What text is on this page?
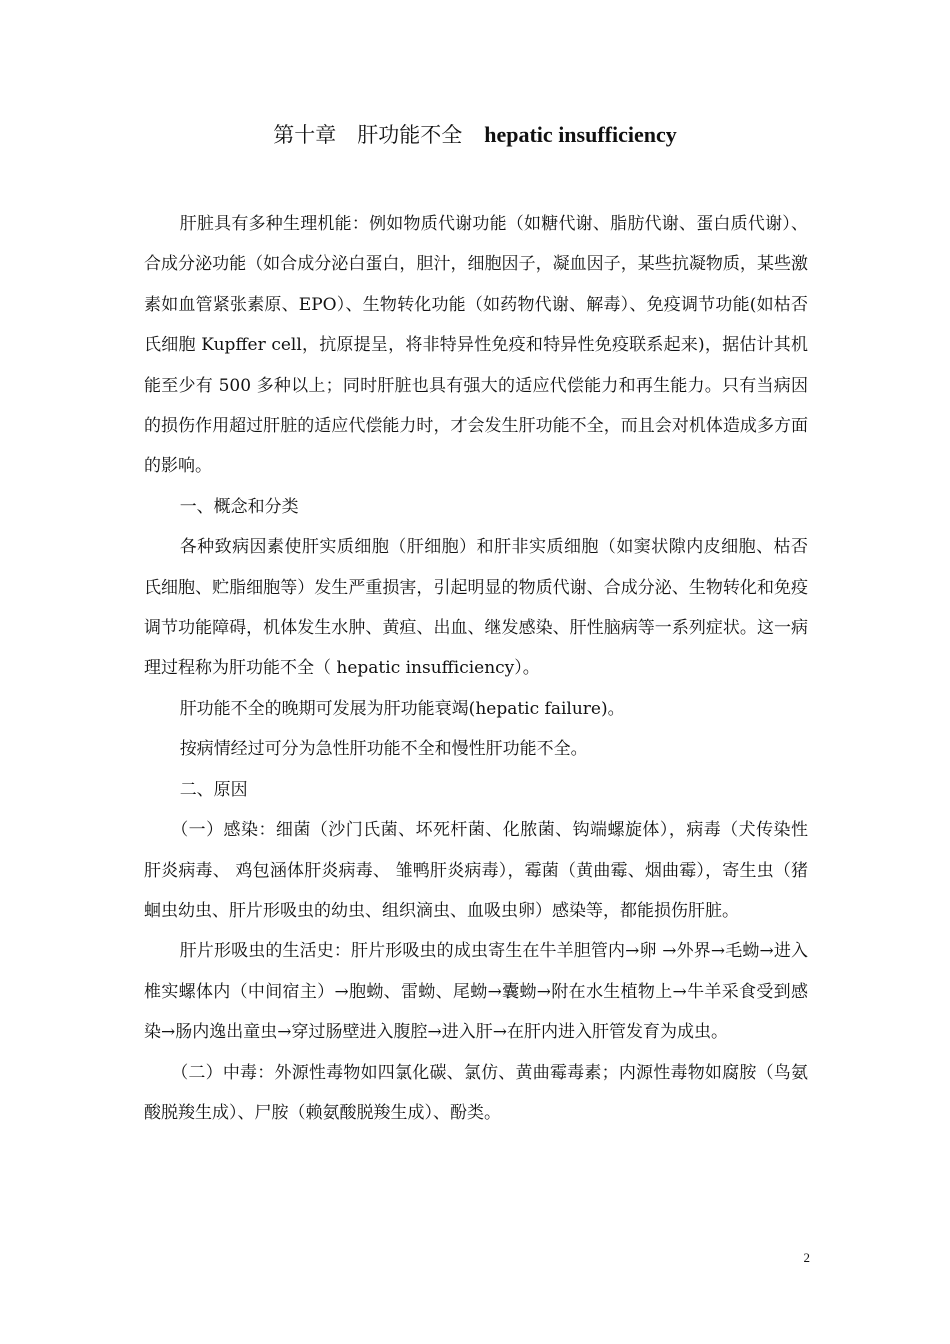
第十章　肝功能不全 hepatic insufficiency

肝脏具有多种生理机能：例如物质代谢功能（如糖代谢、脂肪代谢、蛋白质代谢）、合成分泌功能（如合成分泌白蛋白，胆汁，细胞因子，凝血因子，某些抗凝物质，某些激素如血管紧张素原、EPO）、生物转化功能（如药物代谢、解毒）、免疫调节功能(如枯否氏细胞 Kupffer cell，抗原提呈，将非特异性免疫和特异性免疫联系起来)，据估计其机能至少有 500 多种以上；同时肝脏也具有强大的适应代偿能力和再生能力。只有当病因的损伤作用超过肝脏的适应代偿能力时，才会发生肝功能不全，而且会对机体造成多方面的影响。

一、概念和分类

各种致病因素使肝实质细胞（肝细胞）和肝非实质细胞（如窦状隙内皮细胞、枯否氏细胞、贮脂细胞等）发生严重损害，引起明显的物质代谢、合成分泌、生物转化和免疫调节功能障碍，机体发生水肿、黄疸、出血、继发感染、肝性脑病等一系列症状。这一病理过程称为肝功能不全（ hepatic insufficiency）。

肝功能不全的晚期可发展为肝功能衰竭(hepatic failure)。

按病情经过可分为急性肝功能不全和慢性肝功能不全。

二、原因

（一）感染：细菌（沙门氏菌、坏死杆菌、化脓菌、钩端螺旋体），病毒（犬传染性肝炎病毒、 鸡包涵体肝炎病毒、 雏鸭肝炎病毒），霉菌（黄曲霉、烟曲霉），寄生虫（猪蛔虫幼虫、肝片形吸虫的幼虫、组织滴虫、血吸虫卵）感染等，都能损伤肝脏。

肝片形吸虫的生活史：肝片形吸虫的成虫寄生在牛羊胆管内→卵 →外界→毛蚴→进入椎实螺体内（中间宿主）→胞蚴、雷蚴、尾蚴→囊蚴→附在水生植物上→牛羊采食受到感染→肠内逸出童虫→穿过肠壁进入腹腔→进入肝→在肝内进入肝管发育为成虫。

（二）中毒：外源性毒物如四氯化碳、氯仿、黄曲霉毒素；内源性毒物如腐胺（鸟氨酸脱羧生成）、尸胺（赖氨酸脱羧生成）、酚类。

2
